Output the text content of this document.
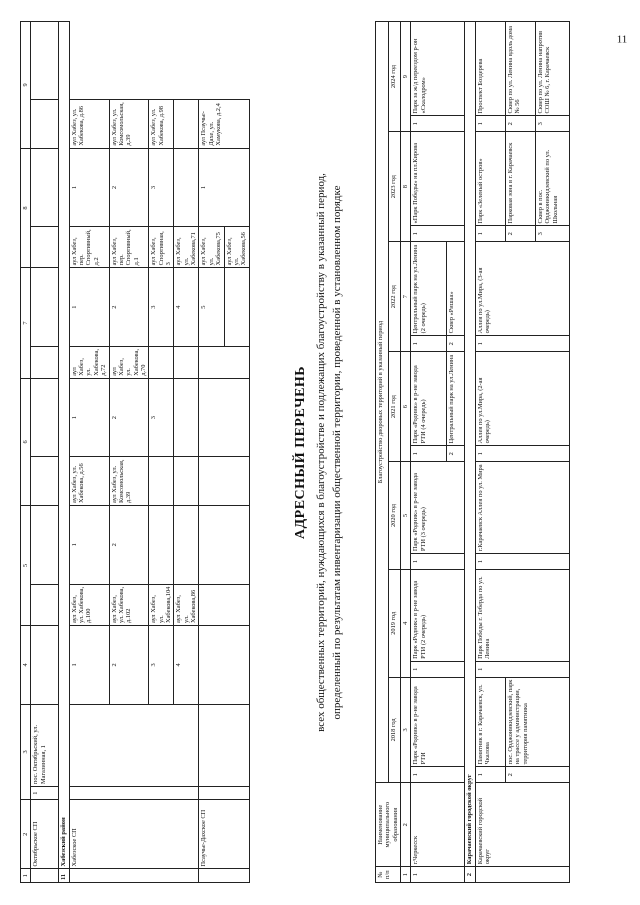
11
1	2	3		4	5		6		7		8		9	
	Октябрьское СП	1	пос. Октябрьский, ул. Магазинная, 1											
11	Хабезский район													
	Хабезское СП			1	аул Хабез, ул. Хабекова, д.100	1	аул Хабез, ул. Хабекова, д.56	1	аул Хабез, ул. Хабекова, д.72	1	аул Хабез, пер. Спортивный, д.2	1	аул Хабез, ул. Хабекова, д.86	
				2	аул Хабез, ул. Хабекова, д.102	2	аул Хабез, ул. Комсомольская, д.39	2	аул Хабез, ул. Хабекова, д.70	2	аул Хабез, пер. Спортивный, д.1	2	аул Хабез, ул. Комсомольская, д.39	
				3	аул Хабез, ул. Хабекова,104			3		3	аул Хабез, Спортивная, 3	3	аул Хабез, ул. Хабекова, д.98	
				4	аул Хабез, ул. Хабекова,86					4	аул Хабез, ул. Хабекова,71			
	Псаучье-Дахское СП									5	аул Хабез, ул. Хабекова,75	1	аул Псаучье-Дахе, ул. Хамукова, д.2,4	
											аул Хабез, ул. Хабекова,56			
АДРЕСНЫЙ ПЕРЕЧЕНЬ всех общественных территорий, нуждающихся в благоустройстве и подлежащих благоустройству в указанный период, определенный по результатам инвентаризации общественной территории, проведенной в установленном порядке
№ п/п	Наименование муниципального образования	Благоустройство дворовых территорий в указанный период													
		2018 год		2019 год		2020 год		2021 год		2022 год		2023 год		2024 год	
1	2	3		4		5		6		7		8		9	
1	г.Черкесск	1	Парк «Родник» в р-не завода РТИ	1	Парк «Родник» в р-не завода РТИ (2 очередь)	1	Парк «Родник» в р-не завода РТИ (3 очередь)	1	Парк «Родник» в р-не завода РТИ (4 очередь)	1	Центральный парк на ул.Ленина (2 очередь)	1	«Парк Победы» на пл.Кирова	1	Парк за ж/д переездом р-он «Скалодром»
								2	Центральный парк на ул.Ленина	2	Сквер «Ришаа»				
2	Карачаевский городской округ														
	Карачаевский городской округ	1	Памятник в г. Карачаевск, ул. Чкалова	1	Парк Победы г. Теберда по ул. Ленина	1	г.Карачаевск Аллея по ул. Мира	1	Аллея по ул.Мира, (2-ая очередь)	1	Аллея по ул.Мира, (3-ая очередь)	1	Парк «Зеленый остров»	1	Проспект Боздерева
		2	пос. Орджоникидзевский, парк на трассе у администрации, территория памятника									2	Парковая зона в г. Карачаевск	2	Сквер по ул. Ленина вдоль дома № 56
												3	Сквер в пос. Орджоникидзевский по ул. Школьная	3	Сквер по ул. Ленина напротив СОШ № 6, г. Карачаевск
